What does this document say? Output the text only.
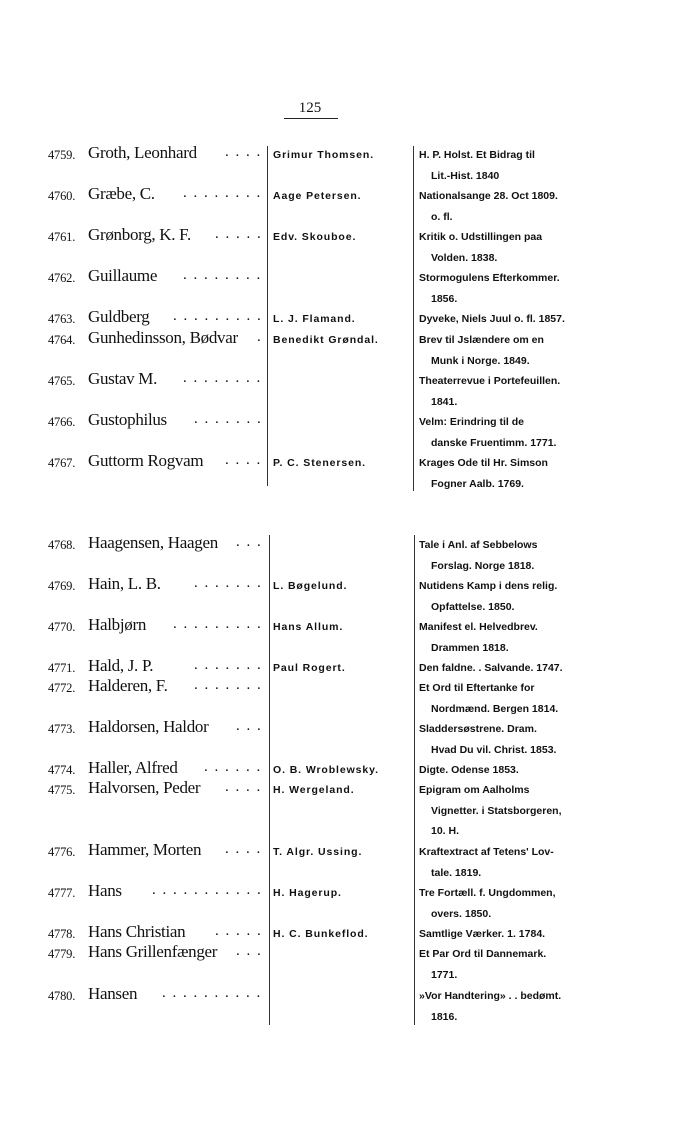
125
4759. Groth, Leonhard . . . . Grimur Thomsen.	H. P. Holst. Et Bidrag til
Lit.-Hist. 1840
4760. Græbe, C. . . . . . . . . Aage Petersen.	Nationalsange 28. Oct 1809.
o. fl.
4761. Grønborg, K. F. . . . . . Edv. Skouboe.	Kritik o. Udstillingen paa
Volden. 1838.
4762. Guillaume . . . . . . . .	Stormogulens Efterkommer.
1856.
4763. Guldberg . . . . . . . . . L. J. Flamand.	Dyveke, Niels Juul o. fl. 1857.
4764. Gunhedinsson, Bødvar . Benedikt Grøndal.	Brev til Jslændere om en
Munk i Norge. 1849.
4765. Gustav M. . . . . . . . .	Theaterrevue i Portefeuillen.
1841.
4766. Gustophilus . . . . . . .	Velm: Erindring til de
danske Fruentimm. 1771.
4767. Guttorm Rogvam . . . . P. C. Stenersen.	Krages Ode til Hr. Simson
Fogner Aalb. 1769.
4768. Haagensen, Haagen . . .	Tale i Anl. af Sebbelows
Forslag. Norge 1818.
4769. Hain, L. B. . . . . . . . L. Bøgelund.	Nutidens Kamp i dens relig.
Opfattelse. 1850.
4770. Halbjørn . . . . . . . . . Hans Allum.	Manifest el. Helvedbrev.
Drammen 1818.
4771. Hald, J. P.	. . . . . . . Paul Rogert.	Den faldne. . Salvande. 1747.
4772. Halderen, F. . . . . . . .	Et Ord til Eftertanke for
Nordmænd. Bergen 1814.
4773. Haldorsen, Haldor . . .	Sladdersøstrene. Dram.
Hvad Du vil. Christ. 1853.
4774. Haller, Alfred . . . . . . O. B. Wroblewsky.	Digte. Odense 1853.
4775. Halvorsen, Peder . . . . H. Wergeland.	Epigram om Aalholms
Vignetter. i Statsborgeren,
10. H.
4776. Hammer, Morten . . . . T. Algr. Ussing.	Kraftextract af Tetens' Lov-
tale. 1819.
4777. Hans . . . . . . . . . . . H. Hagerup.	Tre Fortæll. f. Ungdommen,
overs. 1850.
4778. Hans Christian . . . . . H. C. Bunkeflod.	Samtlige Værker. 1. 1784.
4779. Hans Grillenfænger . . .	Et Par Ord til Dannemark.
1771.
4780. Hansen . . . . . . . . . .	»Vor Handtering» . . bedømt.
1816.
